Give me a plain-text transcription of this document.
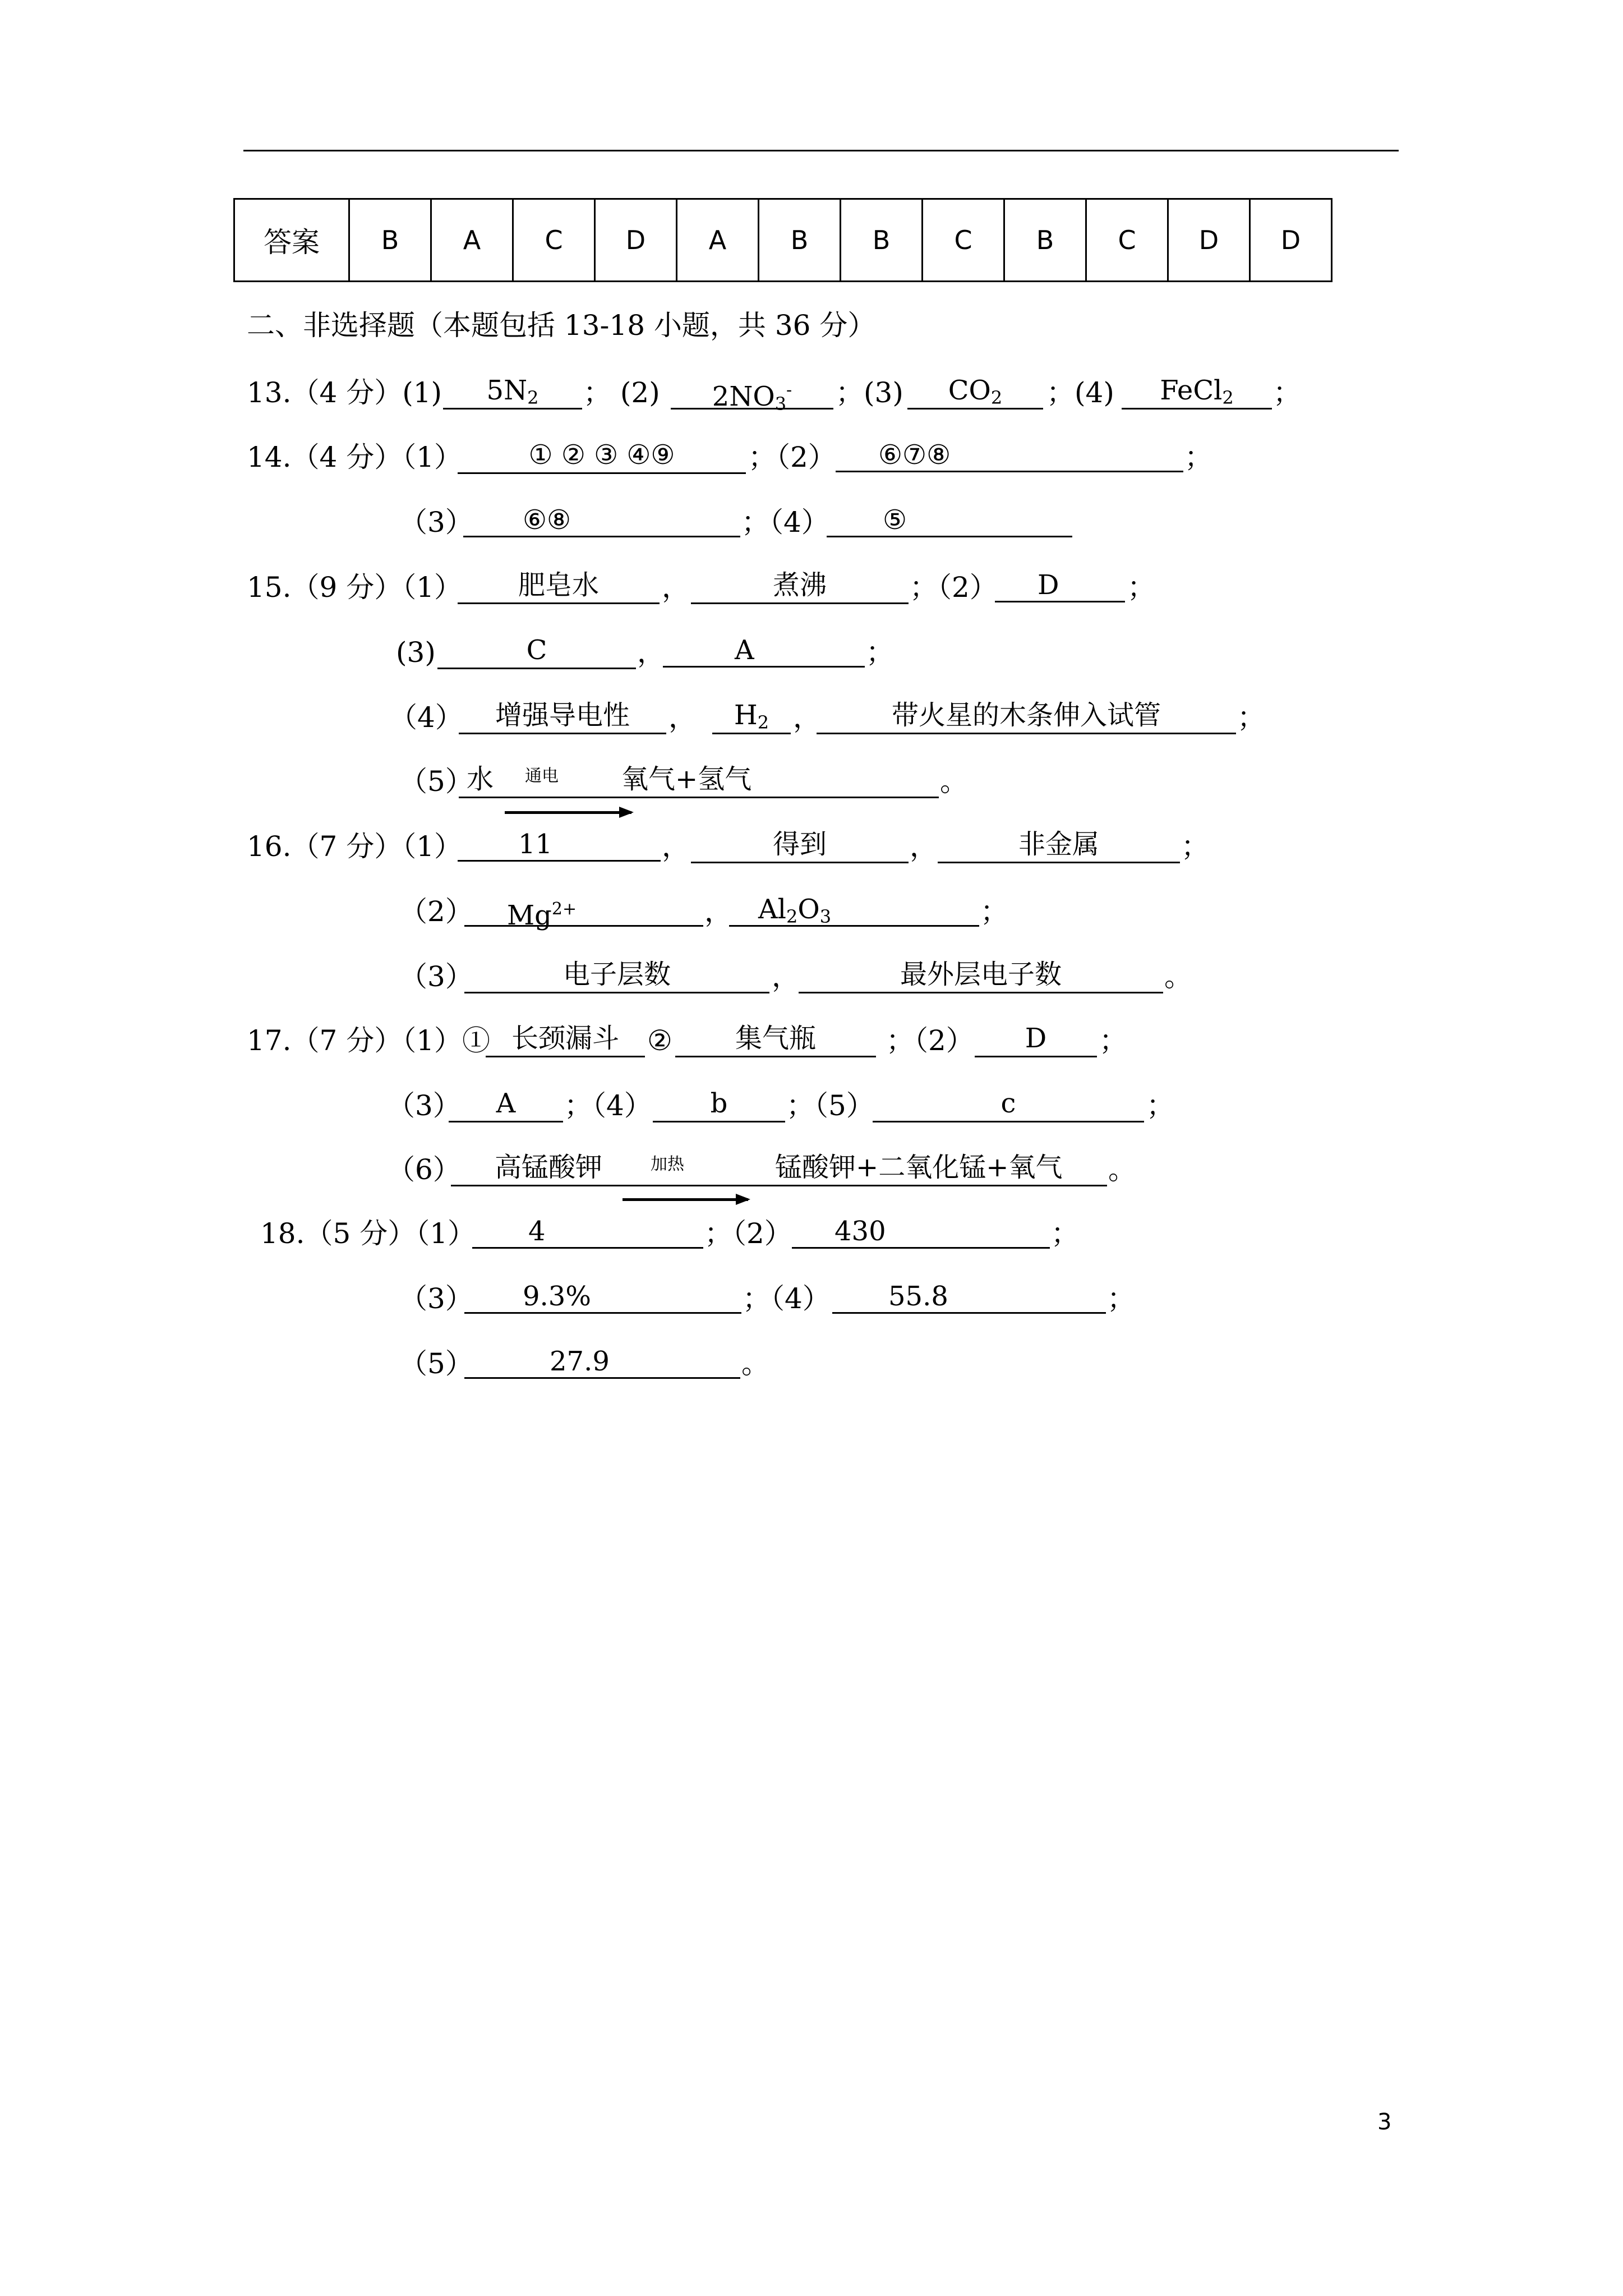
答案	B	A	C	D	A	B	B	C	B	C	D	D
二、非选择题（本题包括 13-18 小题，共 36 分）
13.（4 分）(1)	$5N_2$	； (2)	$2NO_3^-$	；(3)	$CO_2$	；(4)	FeCl$_2$	；
14.（4 分）（1）	① ② ③ ④⑨	；（2）	⑥⑦⑧	；
（3）	⑥⑧	；（4）	⑤
15.（9 分）（1）	肥皂水	，	煮沸	；（2）	D	；
(3)	C	，	A	；
（4）	增强导电性	，	$H_2$ ，	带火星的木条伸入试管	；
（5）
水	氧气+氢气	。
通电
16.（7 分）（1）	11	，	得到	，	非金属	；
（2）	$Mg^{2+}$	， $Al_2O_3$	；
（3）	电子层数	，	最外层电子数	。
17.（7 分）（1）① 长颈漏斗	②	集气瓶	；（2）	D	；
（3）	A	；（4）	b	；（5）	c	；
（6） 高锰酸钾	锰酸钾+二氧化锰+氧气 。
加热
18.（5 分）（1）	4	；（2）	430	；
（3）	9.3%	；（4）	55.8	；
（5）	27.9	。
3
